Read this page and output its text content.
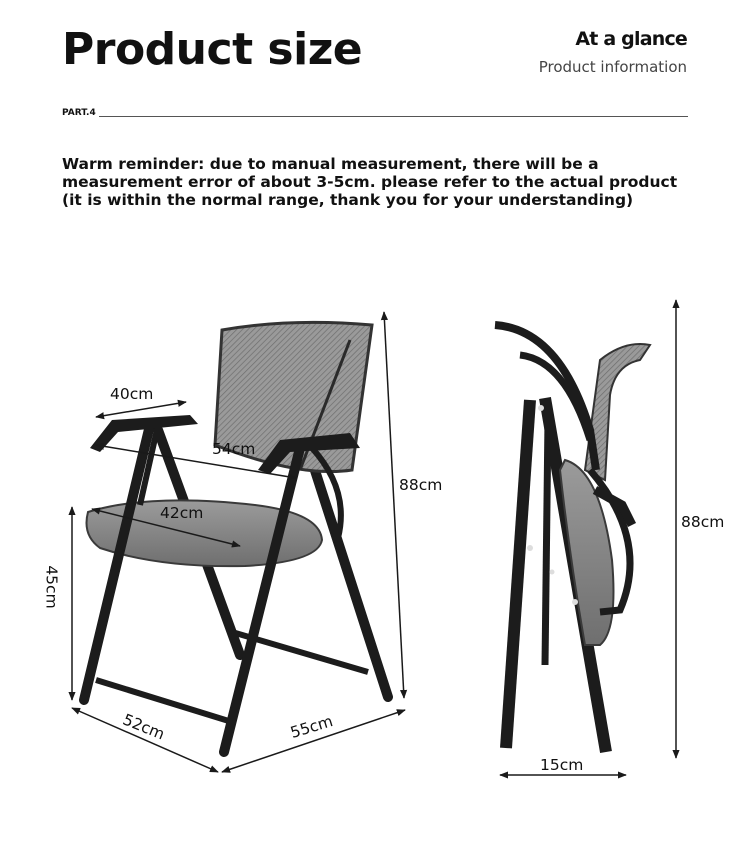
Product size	At a glance
Product information
PART.4
Warm reminder: due to manual measurement, there will be a measurement error of about 3-5cm. please refer to the actual product (it is within the normal range, thank you for your understanding)
40cm
54cm
42cm
45cm
88cm
52cm	55cm
88cm
15cm
